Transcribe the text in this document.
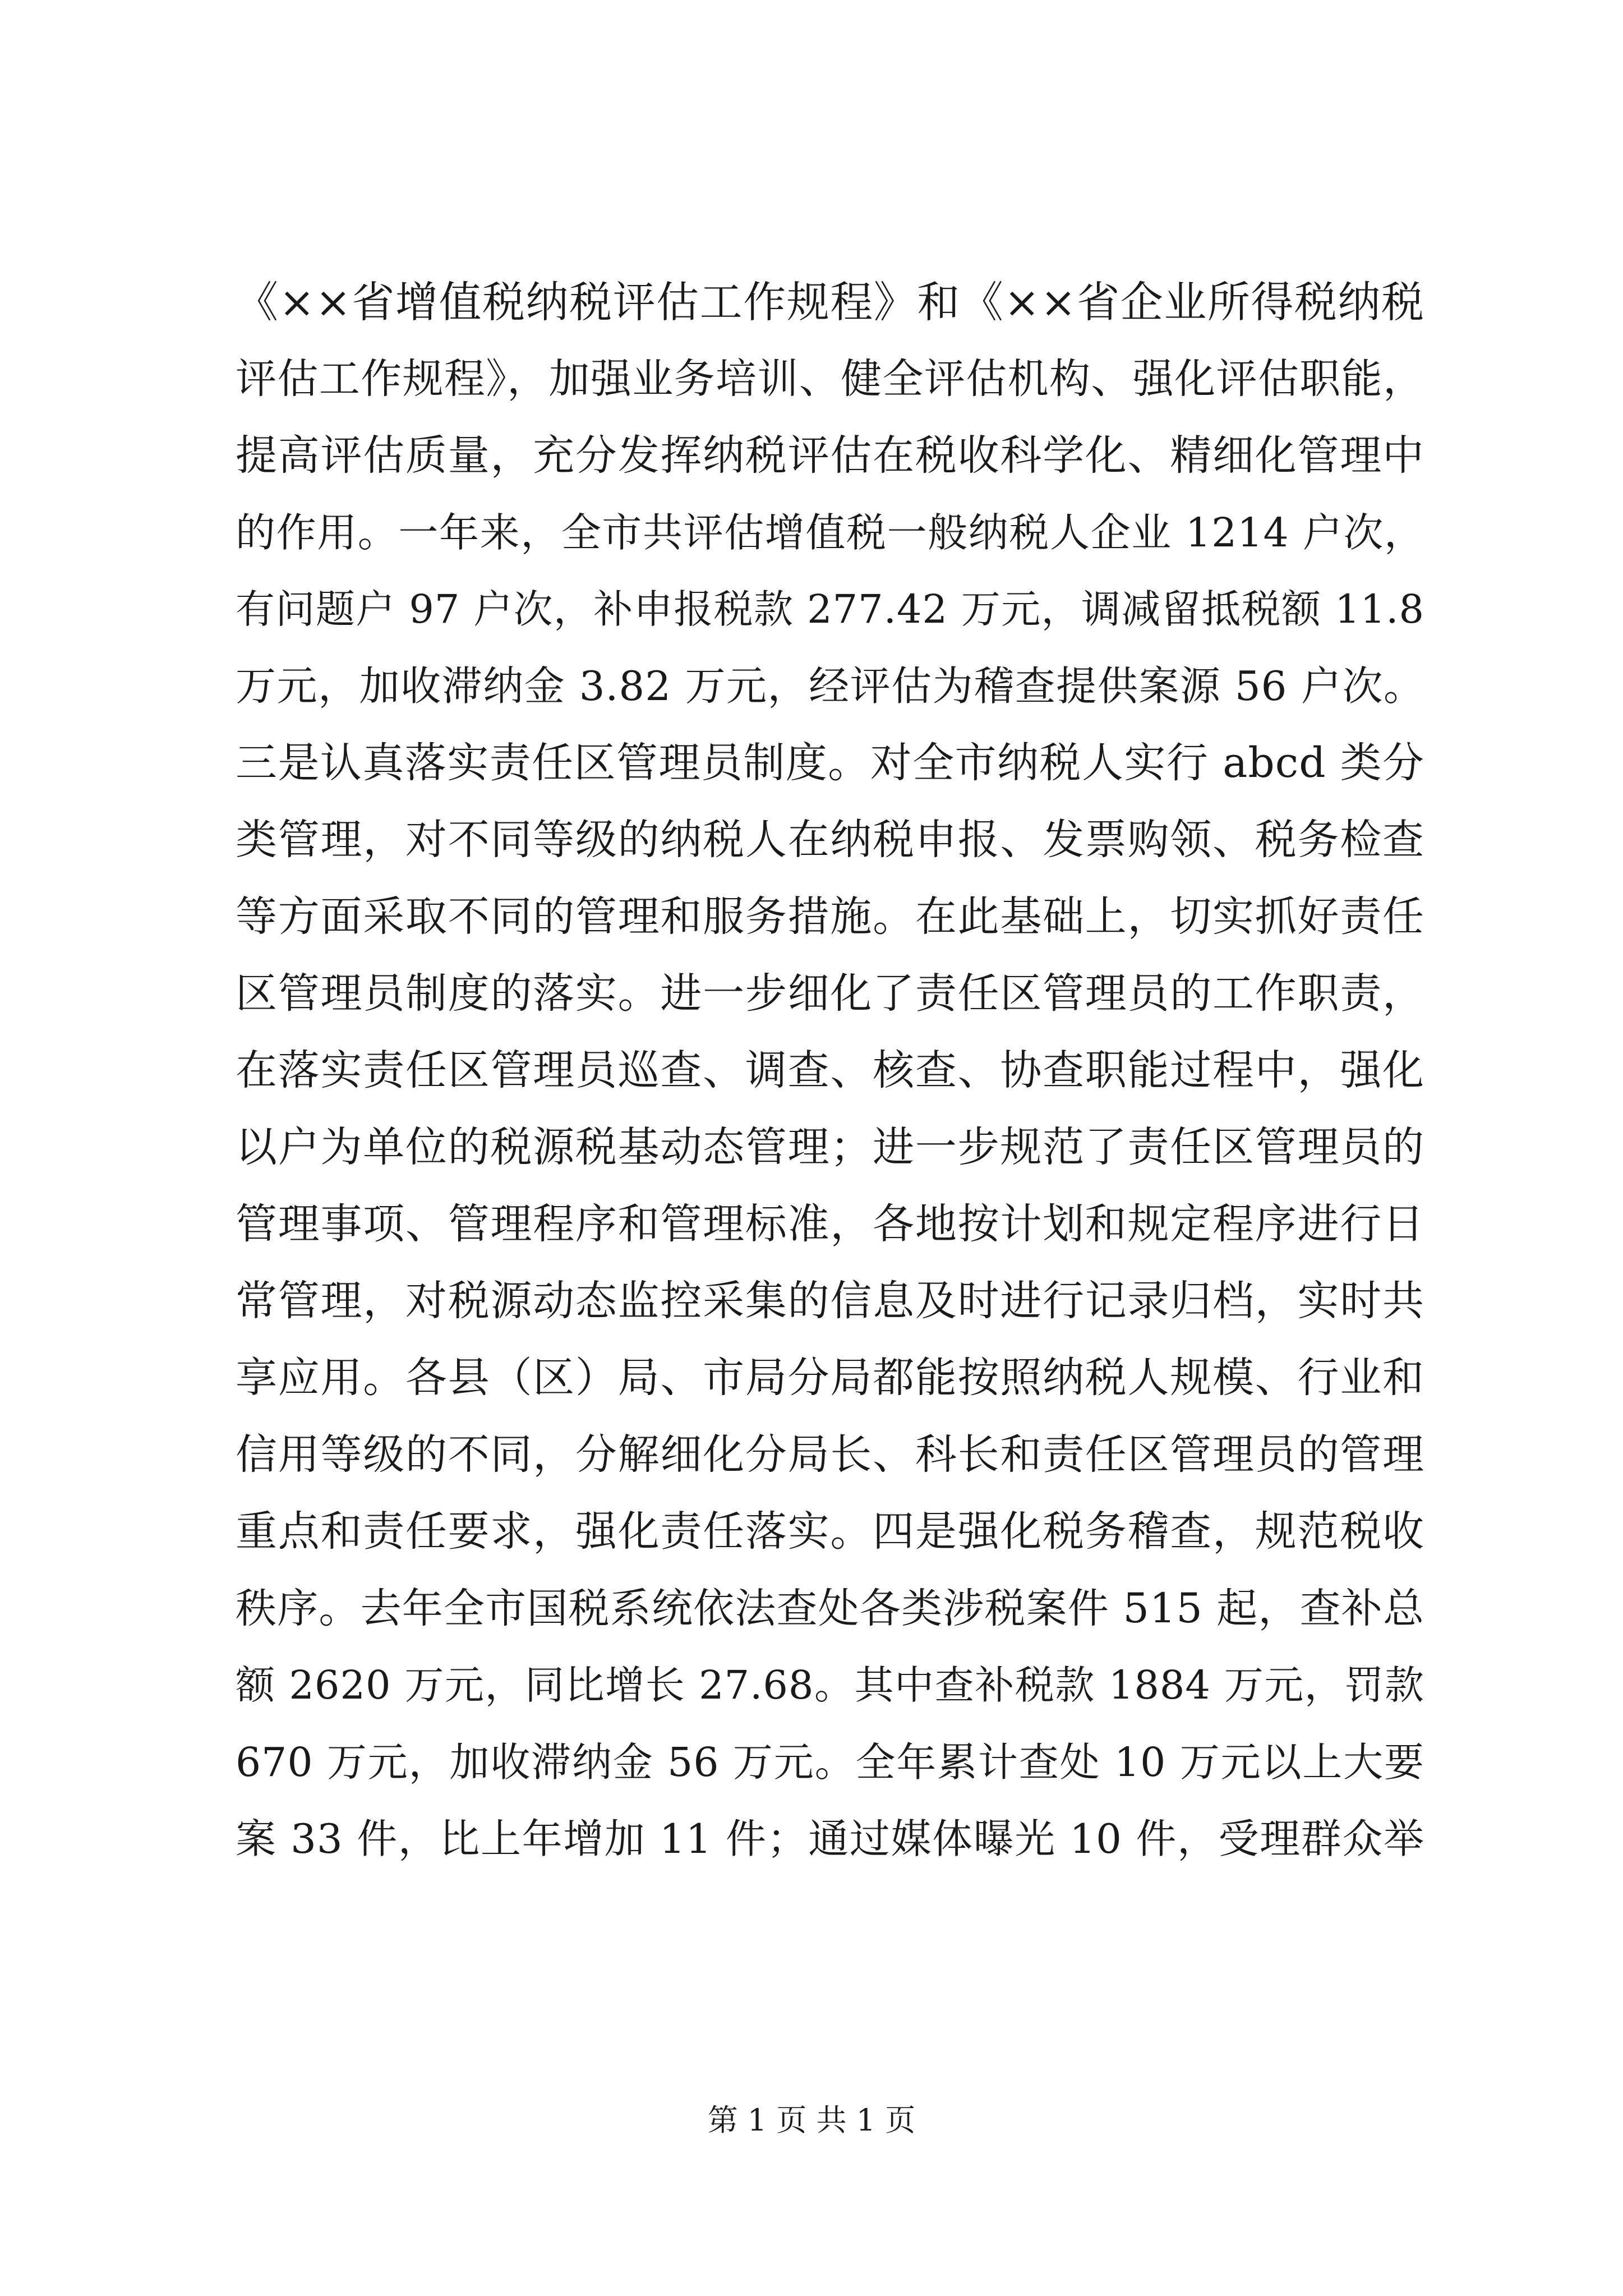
《××省增值税纳税评估工作规程》和《××省企业所得税纳税
评估工作规程》，加强业务培训、健全评估机构、强化评估职能，
提高评估质量，充分发挥纳税评估在税收科学化、精细化管理中
的作用。一年来，全市共评估增值税一般纳税人企业 1214 户次，
有问题户 97 户次，补申报税款 277.42 万元，调减留抵税额 11.8
万元，加收滞纳金 3.82 万元，经评估为稽查提供案源 56 户次。
三是认真落实责任区管理员制度。对全市纳税人实行 abcd 类分
类管理，对不同等级的纳税人在纳税申报、发票购领、税务检查
等方面采取不同的管理和服务措施。在此基础上，切实抓好责任
区管理员制度的落实。进一步细化了责任区管理员的工作职责，
在落实责任区管理员巡查、调查、核查、协查职能过程中，强化
以户为单位的税源税基动态管理；进一步规范了责任区管理员的
管理事项、管理程序和管理标准，各地按计划和规定程序进行日
常管理，对税源动态监控采集的信息及时进行记录归档，实时共
享应用。各县（区）局、市局分局都能按照纳税人规模、行业和
信用等级的不同，分解细化分局长、科长和责任区管理员的管理
重点和责任要求，强化责任落实。四是强化税务稽查，规范税收
秩序。去年全市国税系统依法查处各类涉税案件 515 起，查补总
额 2620 万元，同比增长 27.68。其中查补税款 1884 万元，罚款
670 万元，加收滞纳金 56 万元。全年累计查处 10 万元以上大要
案 33 件，比上年增加 11 件；通过媒体曝光 10 件，受理群众举
第 1 页 共 1 页
